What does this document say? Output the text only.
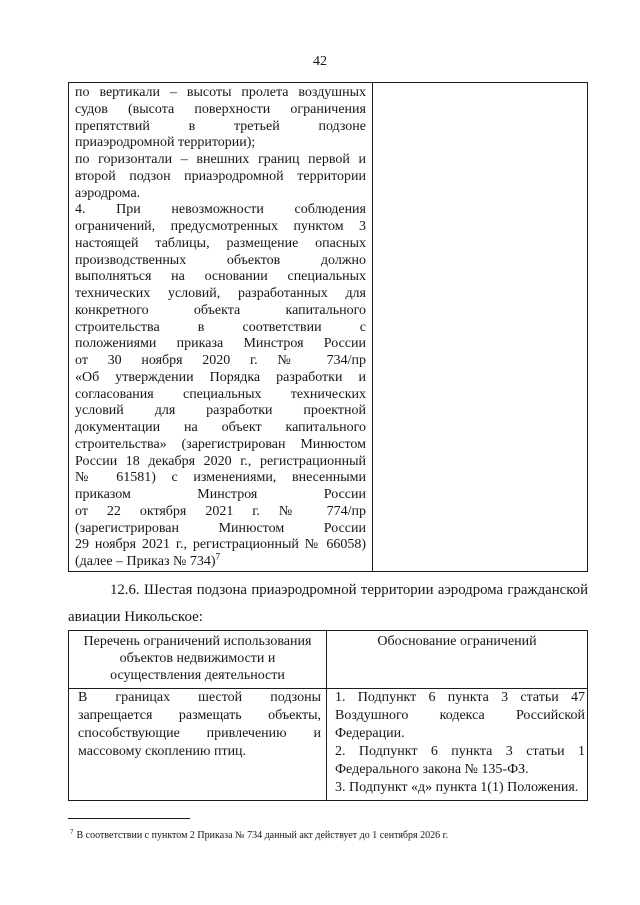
42
по вертикали – высоты пролета воздушных
судов (высота поверхности ограничения
препятствий в третьей подзоне
приаэродромной территории);
по горизонтали – внешних границ первой и
второй подзон приаэродромной территории
аэродрома.
4. При невозможности соблюдения
ограничений, предусмотренных пунктом 3
настоящей таблицы, размещение опасных
производственных объектов должно
выполняться на основании специальных
технических условий, разработанных для
конкретного объекта капитального
строительства в соответствии с
положениями приказа Минстроя России
от 30 ноября 2020 г. № 734/пр
«Об утверждении Порядка разработки и
согласования специальных технических
условий для разработки проектной
документации на объект капитального
строительства» (зарегистрирован Минюстом
России 18 декабря 2020 г., регистрационный
№ 61581) с изменениями, внесенными
приказом Минстроя России
от 22 октября 2021 г. № 774/пр
(зарегистрирован Минюстом России
29 ноября 2021 г., регистрационный № 66058)
(далее – Приказ № 734)$^7$
12.6. Шестая подзона приаэродромной территории аэродрома гражданской
авиации Никольское:
Перечень ограничений использования
объектов недвижимости и
осуществления деятельности
Обоснование ограничений
В границах шестой подзоны
запрещается размещать объекты,
способствующие привлечению и
массовому скоплению птиц.
1. Подпункт 6 пункта 3 статьи 47
Воздушного кодекса Российской
Федерации.
2. Подпункт 6 пункта 3 статьи 1
Федерального закона № 135-ФЗ.
3. Подпункт «д» пункта 1(1) Положения.
$^7$ В соответствии с пунктом 2 Приказа № 734 данный акт действует до 1 сентября 2026 г.
